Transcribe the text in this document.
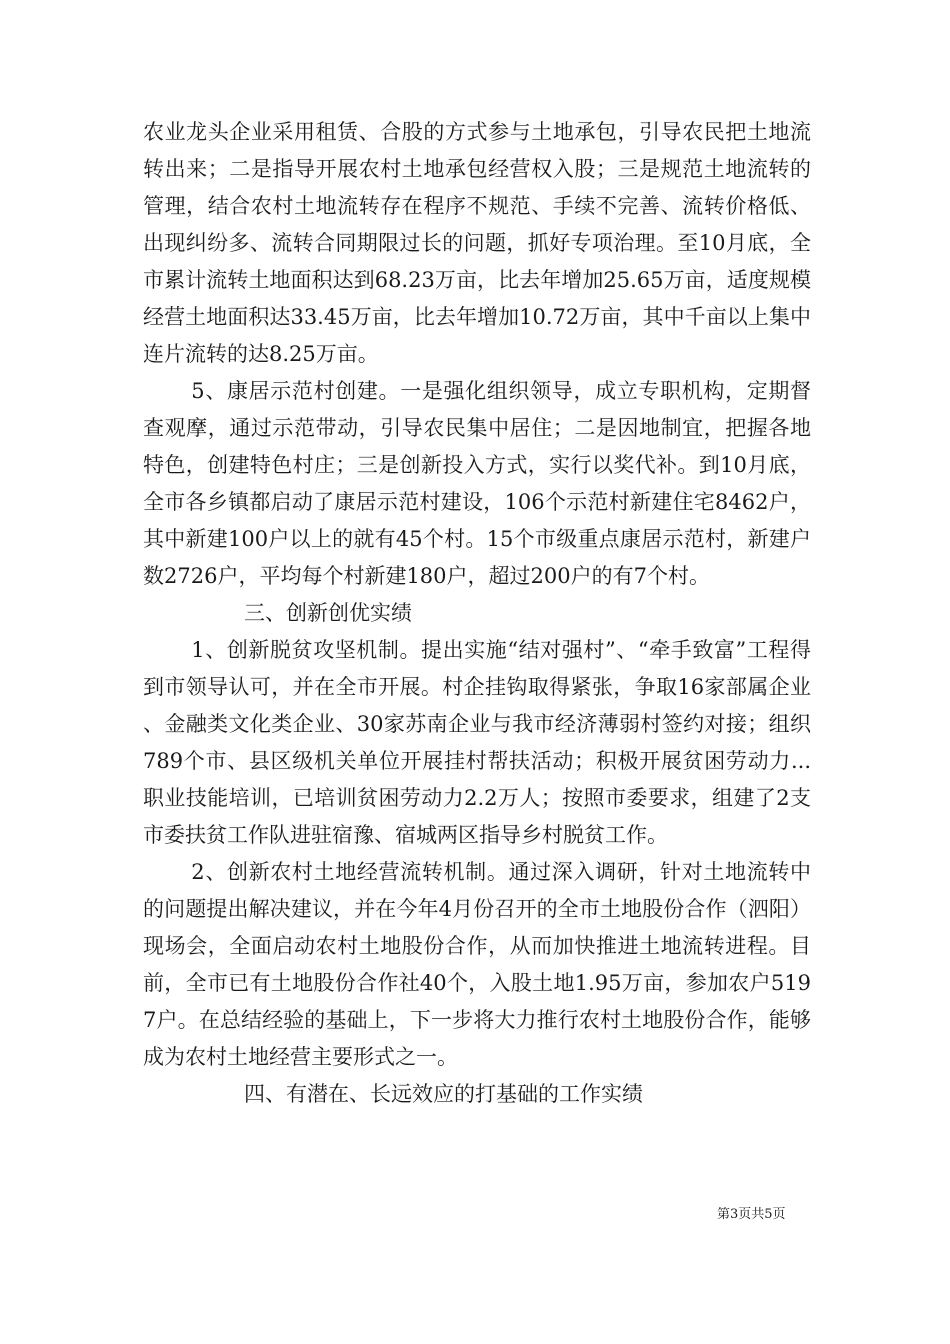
农业龙头企业采用租赁、合股的方式参与土地承包，引导农民把土地流转出来；二是指导开展农村土地承包经营权入股；三是规范土地流转的管理，结合农村土地流转存在程序不规范、手续不完善、流转价格低、出现纠纷多、流转合同期限过长的问题，抓好专项治理。至10月底，全市累计流转土地面积达到68.23万亩，比去年增加25.65万亩，适度规模经营土地面积达33.45万亩，比去年增加10.72万亩，其中千亩以上集中连片流转的达8.25万亩。

5、康居示范村创建。一是强化组织领导，成立专职机构，定期督查观摩，通过示范带动，引导农民集中居住；二是因地制宜，把握各地特色，创建特色村庄；三是创新投入方式，实行以奖代补。到10月底，全市各乡镇都启动了康居示范村建设，106个示范村新建住宅8462户，其中新建100户以上的就有45个村。15个市级重点康居示范村，新建户数2726户，平均每个村新建180户，超过200户的有7个村。

三、创新创优实绩

1、创新脱贫攻坚机制。提出实施“结对强村”、“牵手致富”工程得到市领导认可，并在全市开展。村企挂钩取得紧张，争取16家部属企业、金融类文化类企业、30家苏南企业与我市经济薄弱村签约对接；组织789个市、县区级机关单位开展挂村帮扶活动；积极开展贫困劳动力...职业技能培训，已培训贫困劳动力2.2万人；按照市委要求，组建了2支市委扶贫工作队进驻宿豫、宿城两区指导乡村脱贫工作。

2、创新农村土地经营流转机制。通过深入调研，针对土地流转中的问题提出解决建议，并在今年4月份召开的全市土地股份合作（泗阳）现场会，全面启动农村土地股份合作，从而加快推进土地流转进程。目前，全市已有土地股份合作社40个，入股土地1.95万亩，参加农户5197户。在总结经验的基础上，下一步将大力推行农村土地股份合作，能够成为农村土地经营主要形式之一。

四、有潜在、长远效应的打基础的工作实绩

第3页共5页
